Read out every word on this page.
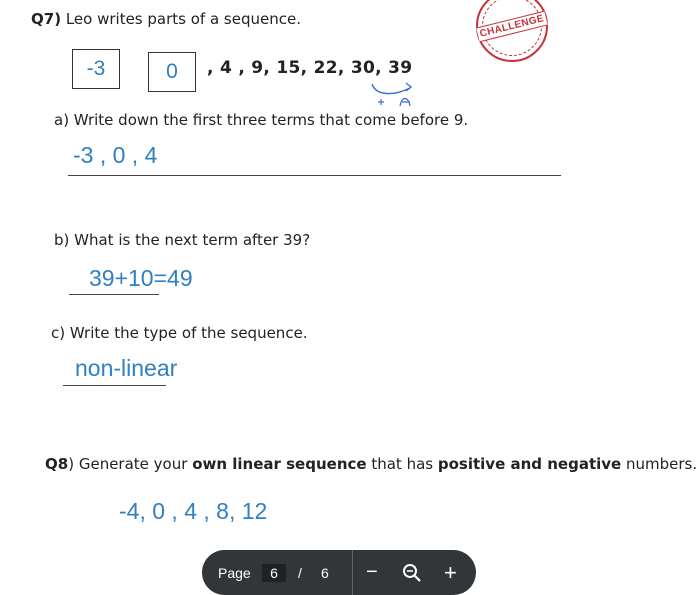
Q7) Leo writes parts of a sequence.	CHALLENGE
-3	0 , 4 , 9, 15, 22, 30, 39
a) Write down the first three terms that come before 9.
-3 , 0 , 4
b) What is the next term after 39?
39+10=49
c) Write the type of the sequence.
non-linear
Q8) Generate your own linear sequence that has positive and negative numbers.
-4, 0 , 4 , 8, 12
Page	6	/ 6 −	+
